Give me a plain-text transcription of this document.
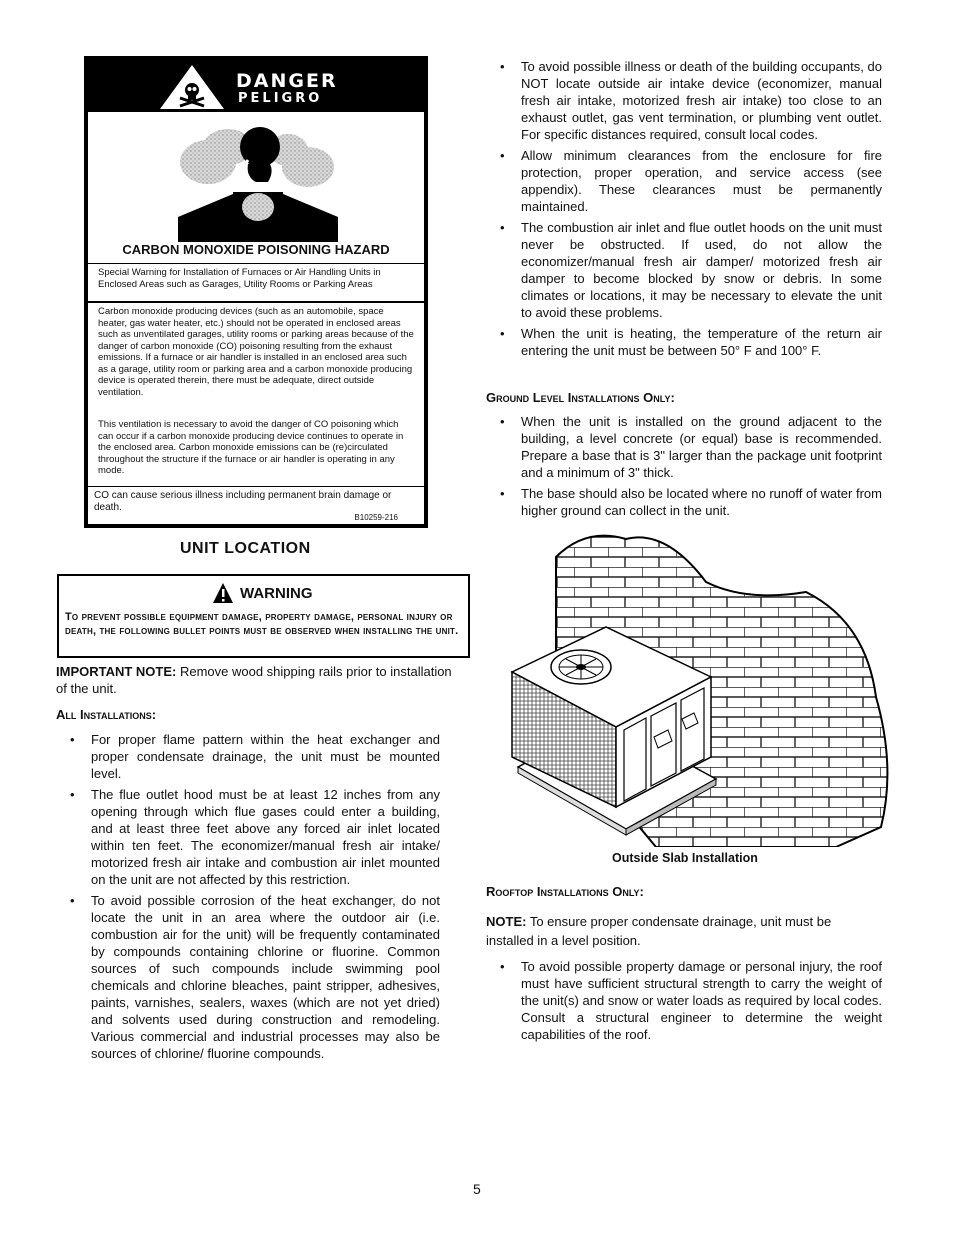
DANGER
PELIGRO
CARBON MONOXIDE POISONING HAZARD
Special Warning for Installation of Furnaces or Air Handling Units in Enclosed Areas such as Garages, Utility Rooms or Parking Areas
Carbon monoxide producing devices (such as an automobile, space heater, gas water heater, etc.) should not be operated in enclosed areas such as unventilated garages, utility rooms or parking areas because of the danger of carbon monoxide (CO) poisoning resulting from the exhaust emissions. If a furnace or air handler is installed in an enclosed area such as a garage, utility room or parking area and a carbon monoxide producing device is operated therein, there must be adequate, direct outside ventilation.
This ventilation is necessary to avoid the danger of CO poisoning which can occur if a carbon monoxide producing device continues to operate in the enclosed area. Carbon monoxide emissions can be (re)circulated throughout the structure if the furnace or air handler is operating in any mode.
CO can cause serious illness including permanent brain damage or death.
B10259-216
UNIT LOCATION
WARNING
To prevent possible equipment damage, property damage, personal injury or death, the following bullet points must be observed when installing the unit.
IMPORTANT NOTE: Remove wood shipping rails prior to installation of the unit.
All Installations:
• For proper flame pattern within the heat exchanger and proper condensate drainage, the unit must be mounted level.
• The flue outlet hood must be at least 12 inches from any opening through which flue gases could enter a building, and at least three feet above any forced air inlet located within ten feet. The economizer/manual fresh air intake/ motorized fresh air intake and combustion air inlet mounted on the unit are not affected by this restriction.
• To avoid possible corrosion of the heat exchanger, do not locate the unit in an area where the outdoor air (i.e. combustion air for the unit) will be frequently contaminated by compounds containing chlorine or fluorine. Common sources of such compounds include swimming pool chemicals and chlorine bleaches, paint stripper, adhesives, paints, varnishes, sealers, waxes (which are not yet dried) and solvents used during construction and remodeling. Various commercial and industrial processes may also be sources of chlorine/ fluorine compounds.
• To avoid possible illness or death of the building occupants, do NOT locate outside air intake device (economizer, manual fresh air intake, motorized fresh air intake) too close to an exhaust outlet, gas vent termination, or plumbing vent outlet. For specific distances required, consult local codes.
• Allow minimum clearances from the enclosure for fire protection, proper operation, and service access (see appendix). These clearances must be permanently maintained.
• The combustion air inlet and flue outlet hoods on the unit must never be obstructed. If used, do not allow the economizer/manual fresh air damper/ motorized fresh air damper to become blocked by snow or debris. In some climates or locations, it may be necessary to elevate the unit to avoid these problems.
• When the unit is heating, the temperature of the return air entering the unit must be between 50° F and 100° F.
Ground Level Installations Only:
• When the unit is installed on the ground adjacent to the building, a level concrete (or equal) base is recommended. Prepare a base that is 3" larger than the package unit footprint and a minimum of 3" thick.
• The base should also be located where no runoff of water from higher ground can collect in the unit.
Outside Slab Installation
Rooftop Installations Only:
NOTE: To ensure proper condensate drainage, unit must be installed in a level position.
• To avoid possible property damage or personal injury, the roof must have sufficient structural strength to carry the weight of the unit(s) and snow or water loads as required by local codes. Consult a structural engineer to determine the weight capabilities of the roof.
5
